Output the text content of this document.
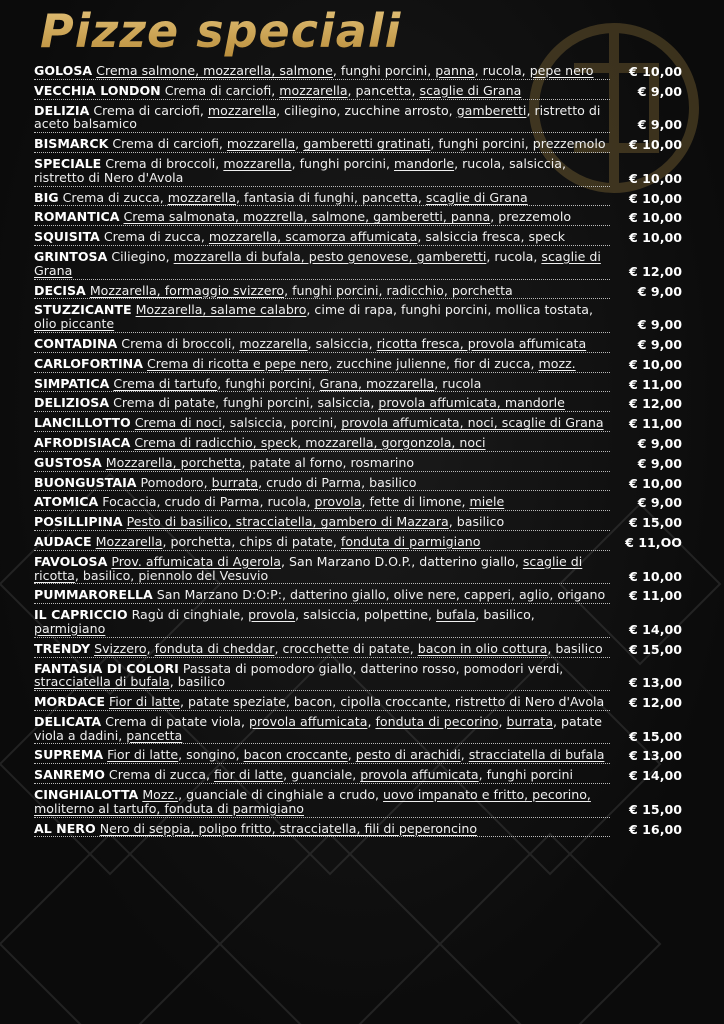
Pizze speciali
GOLOSA Crema salmone, mozzarella, salmone, funghi porcini, panna, rucola, pepe nero	€ 10,00
VECCHIA LONDON Crema di carciofi, mozzarella, pancetta, scaglie di Grana	€ 9,00
DELIZIA Crema di carciofi, mozzarella, ciliegino, zucchine arrosto, gamberetti, ristretto di aceto balsamico	€ 9,00
BISMARCK Crema di carciofi, mozzarella, gamberetti gratinati, funghi porcini, prezzemolo	€ 10,00
SPECIALE Crema di broccoli, mozzarella, funghi porcini, mandorle, rucola, salsiccia, ristretto di Nero d'Avola	€ 10,00
BIG Crema di zucca, mozzarella, fantasia di funghi, pancetta, scaglie di Grana	€ 10,00
ROMANTICA Crema salmonata, mozzrella, salmone, gamberetti, panna, prezzemolo	€ 10,00
SQUISITA Crema di zucca, mozzarella, scamorza affumicata, salsiccia fresca, speck	€ 10,00
GRINTOSA Ciliegino, mozzarella di bufala, pesto genovese, gamberetti, rucola, scaglie di Grana	€ 12,00
DECISA Mozzarella, formaggio svizzero, funghi porcini, radicchio, porchetta	€ 9,00
STUZZICANTE Mozzarella, salame calabro, cime di rapa, funghi porcini, mollica tostata, olio piccante	€ 9,00
CONTADINA Crema di broccoli, mozzarella, salsiccia, ricotta fresca, provola affumicata	€ 9,00
CARLOFORTINA Crema di ricotta e pepe nero, zucchine julienne, fior di zucca, mozz.	€ 10,00
SIMPATICA Crema di tartufo, funghi porcini, Grana, mozzarella, rucola	€ 11,00
DELIZIOSA Crema di patate, funghi porcini, salsiccia, provola affumicata, mandorle	€ 12,00
LANCILLOTTO Crema di noci, salsiccia, porcini, provola affumicata, noci, scaglie di Grana	€ 11,00
AFRODISIACA Crema di radicchio, speck, mozzarella, gorgonzola, noci	€ 9,00
GUSTOSA Mozzarella, porchetta, patate al forno, rosmarino	€ 9,00
BUONGUSTAIA Pomodoro, burrata, crudo di Parma, basilico	€ 10,00
ATOMICA Focaccia, crudo di Parma, rucola, provola, fette di limone, miele	€ 9,00
POSILLIPINA Pesto di basilico, stracciatella, gambero di Mazzara, basilico	€ 15,00
AUDACE Mozzarella, porchetta, chips di patate, fonduta di parmigiano	€ 11,OO
FAVOLOSA Prov. affumicata di Agerola, San Marzano D.O.P., datterino giallo, scaglie di ricotta, basilico, piennolo del Vesuvio	€ 10,00
PUMMARORELLA San Marzano D:O:P:, datterino giallo, olive nere, capperi, aglio, origano	€ 11,00
IL CAPRICCIO Ragù di cinghiale, provola, salsiccia, polpettine, bufala, basilico, parmigiano	€ 14,00
TRENDY Svizzero, fonduta di cheddar, crocchette di patate, bacon in olio cottura, basilico	€ 15,00
FANTASIA DI COLORI Passata di pomodoro giallo, datterino rosso, pomodori verdi, stracciatella di bufala, basilico	€ 13,00
MORDACE Fior di latte, patate speziate, bacon, cipolla croccante, ristretto di Nero d'Avola	€ 12,00
DELICATA Crema di patate viola, provola affumicata, fonduta di pecorino, burrata, patate viola a dadini, pancetta	€ 15,00
SUPREMA Fior di latte, songino, bacon croccante, pesto di arachidi, stracciatella di bufala	€ 13,00
SANREMO Crema di zucca, fior di latte, guanciale, provola affumicata, funghi porcini	€ 14,00
CINGHIALOTTA Mozz., guanciale di cinghiale a crudo, uovo impanato e fritto, pecorino, moliterno al tartufo, fonduta di parmigiano	€ 15,00
AL NERO Nero di seppia, polipo fritto, stracciatella, fili di peperoncino	€ 16,00
